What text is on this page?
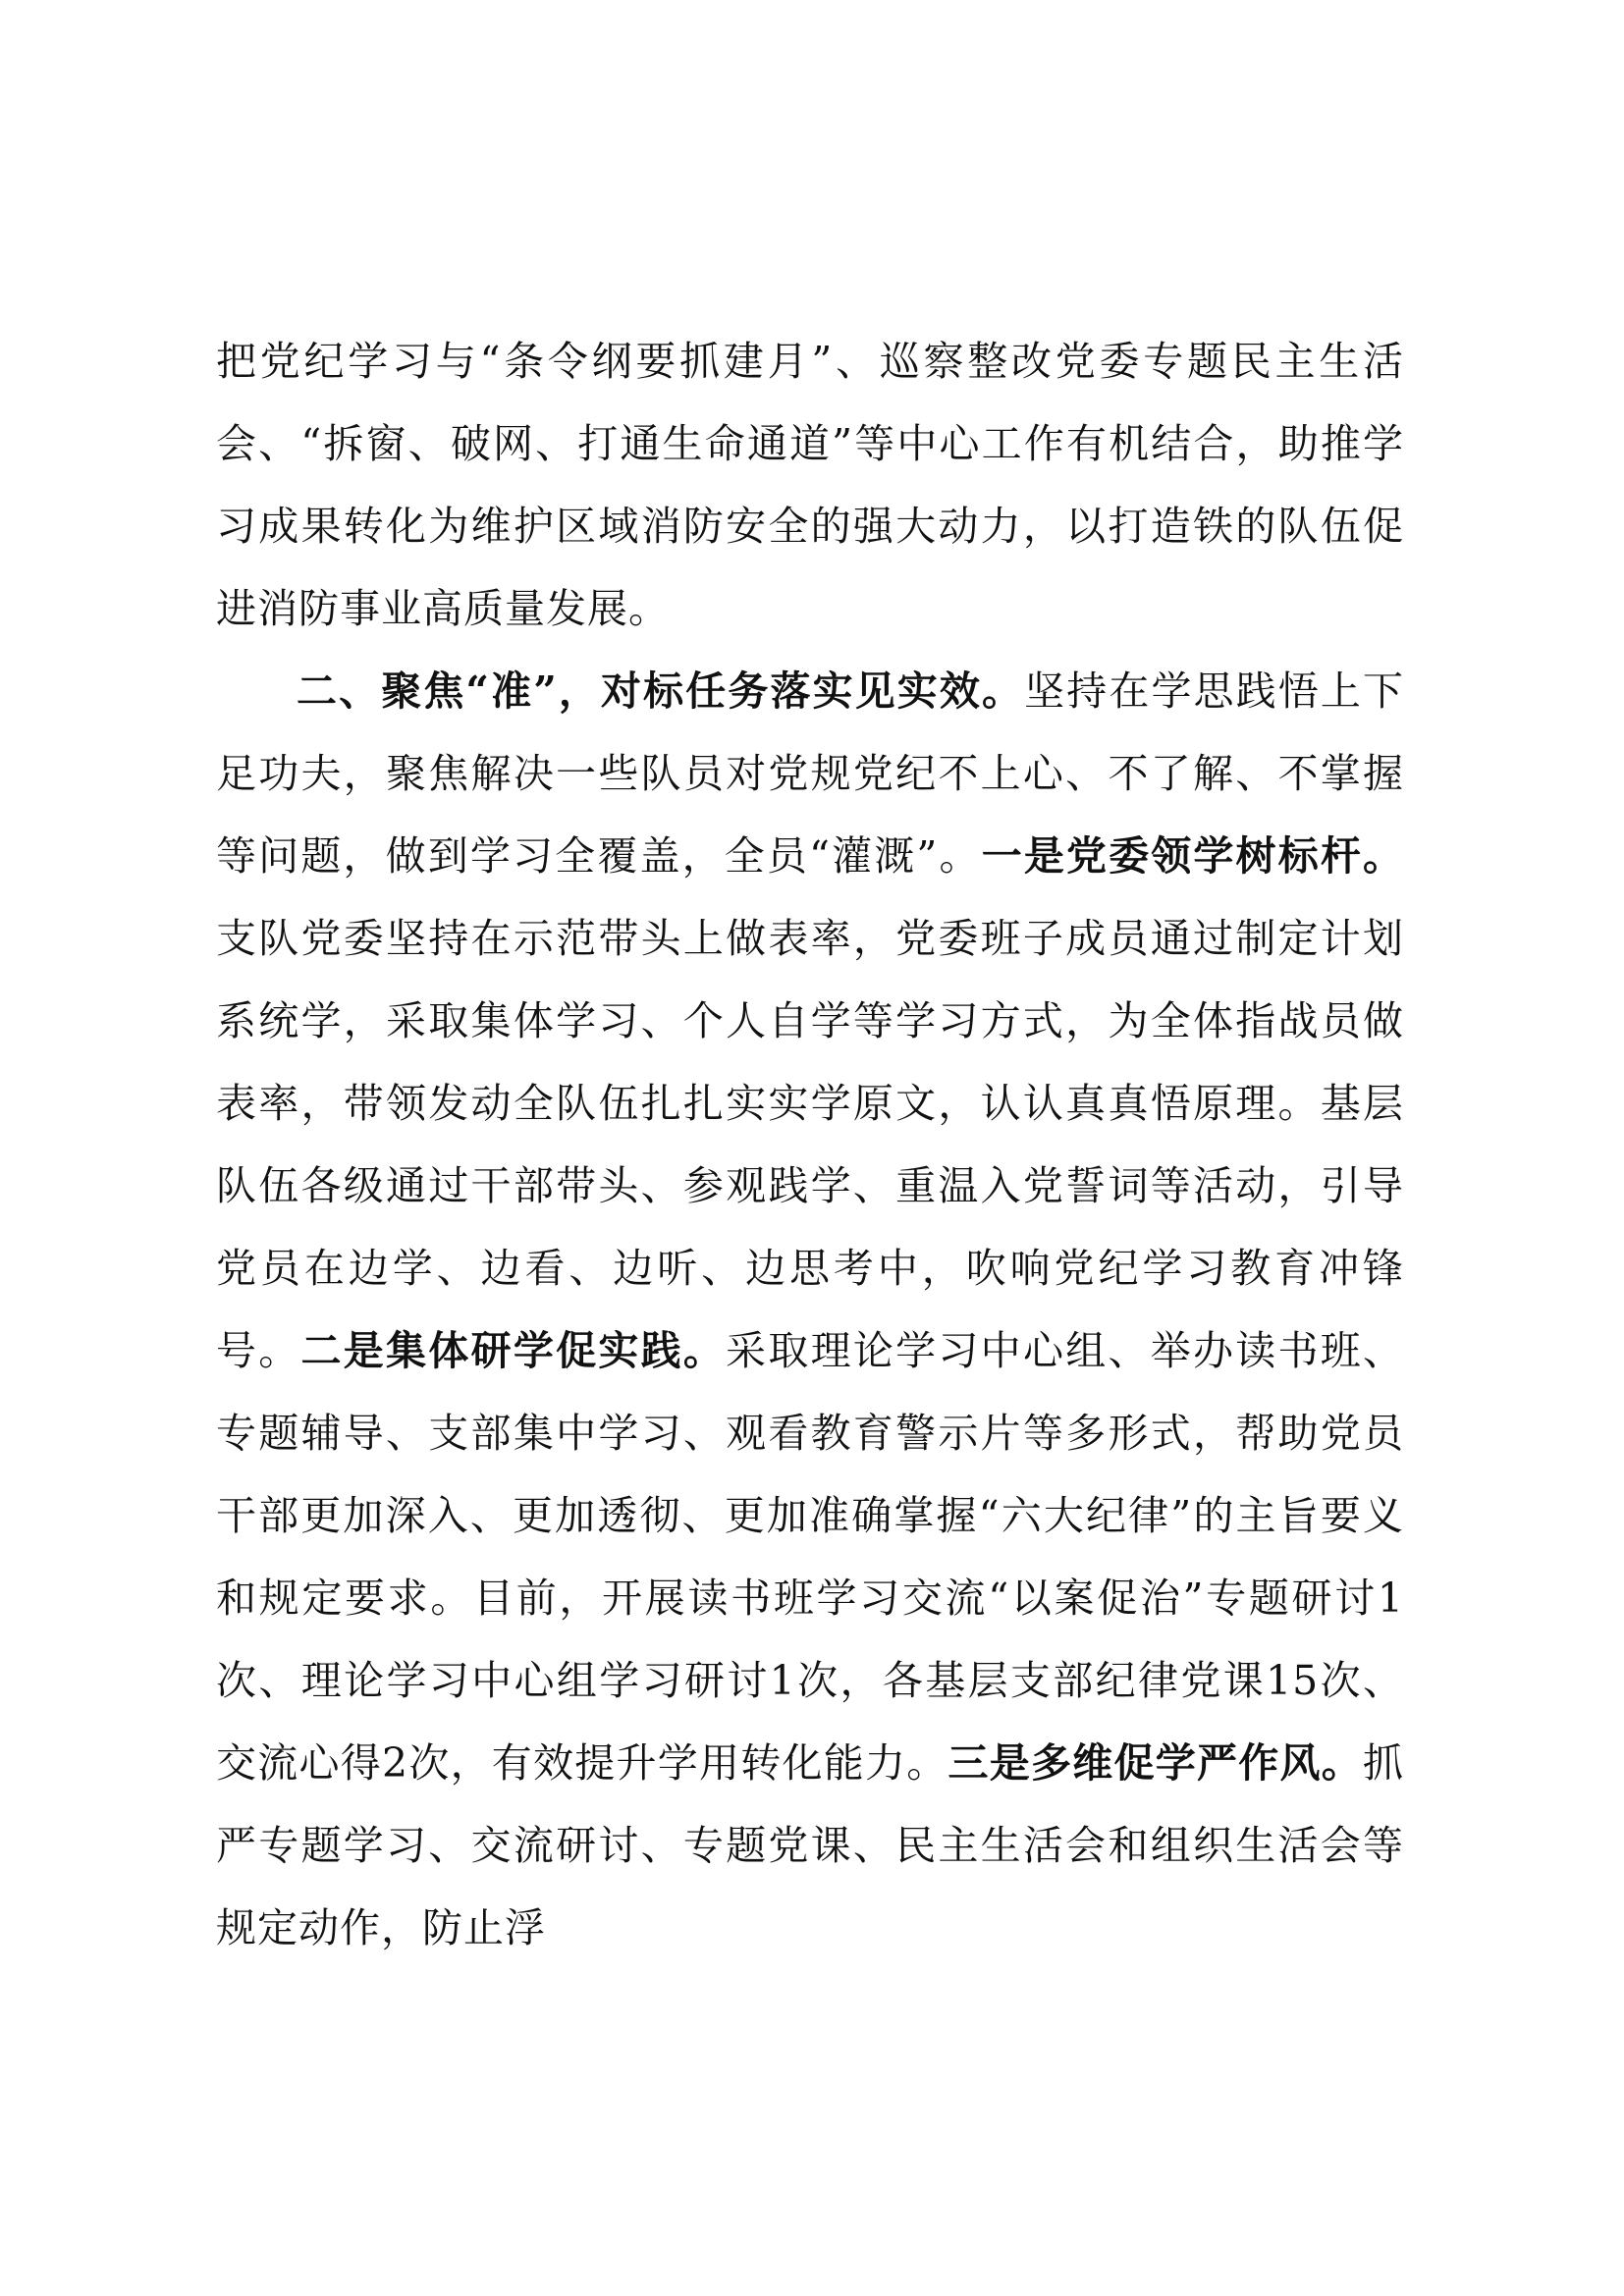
把党纪学习与“条令纲要抓建月”、巡察整改党委专题民主生活会、“拆窗、破网、打通生命通道”等中心工作有机结合，助推学习成果转化为维护区域消防安全的强大动力，以打造铁的队伍促进消防事业高质量发展。

二、聚焦“准”，对标任务落实见实效。坚持在学思践悟上下足功夫，聚焦解决一些队员对党规党纪不上心、不了解、不掌握等问题，做到学习全覆盖，全员“灌溉”。一是党委领学树标杆。支队党委坚持在示范带头上做表率，党委班子成员通过制定计划系统学，采取集体学习、个人自学等学习方式，为全体指战员做表率，带领发动全队伍扎扎实实学原文，认认真真悟原理。基层队伍各级通过干部带头、参观践学、重温入党誓词等活动，引导党员在边学、边看、边听、边思考中，吹响党纪学习教育冲锋号。二是集体研学促实践。采取理论学习中心组、举办读书班、专题辅导、支部集中学习、观看教育警示片等多形式，帮助党员干部更加深入、更加透彻、更加准确掌握“六大纪律”的主旨要义和规定要求。目前，开展读书班学习交流“以案促治”专题研讨1次、理论学习中心组学习研讨1次，各基层支部纪律党课15次、交流心得2次，有效提升学用转化能力。三是多维促学严作风。抓严专题学习、交流研讨、专题党课、民主生活会和组织生活会等规定动作，防止浮
